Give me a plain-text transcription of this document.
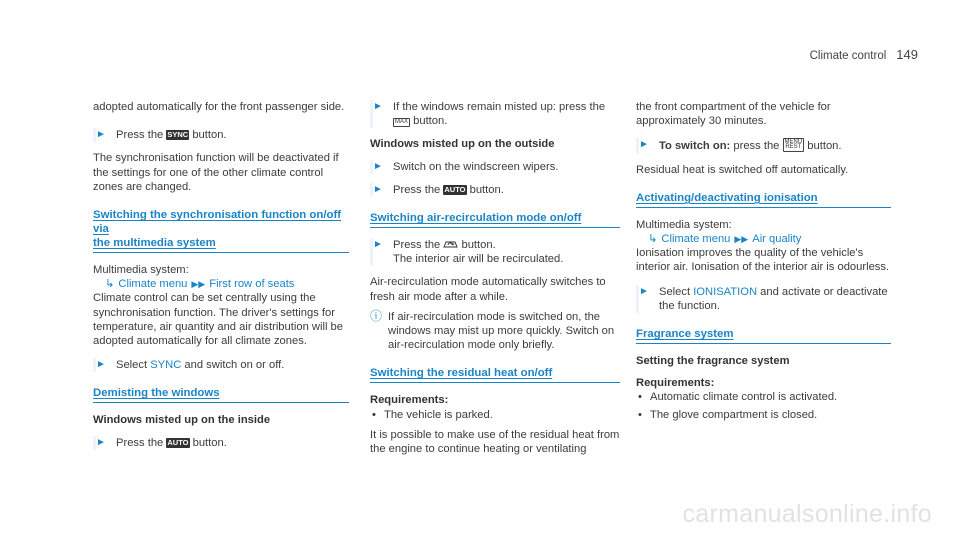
Climate control 149

adopted automatically for the front passenger side.

► Press the SYNC button.

The synchronisation function will be deactivated if the settings for one of the other climate control zones are changed.

Switching the synchronisation function on/off via
the multimedia system

Multimedia system:

↳ Climate menu ▶▶ First row of seats

Climate control can be set centrally using the synchronisation function. The driver's settings for temperature, air quantity and air distribution will be adopted automatically for all climate zones.

► Select SYNC and switch on or off.
Demisting the windows

Windows misted up on the inside

► Press the AUTO button.
► If the windows remain misted up: press the MAX button.

Windows misted up on the outside

► Switch on the windscreen wipers.
► Press the AUTO button.
Switching air-recirculation mode on/off
► Press the  button.
The interior air will be recirculated.

Air-recirculation mode automatically switches to fresh air mode after a while.

ⓘ If air-recirculation mode is switched on, the windows may mist up more quickly. Switch on air-recirculation mode only briefly.
Switching the residual heat on/off

Requirements:

• The vehicle is parked.

It is possible to make use of the residual heat from the engine to continue heating or ventilating

the front compartment of the vehicle for approximately 30 minutes.

► To switch on: press the MENU
REST button.

Residual heat is switched off automatically.

Activating/deactivating ionisation

Multimedia system:

↳ Climate menu ▶▶ Air quality

Ionisation improves the quality of the vehicle's interior air. Ionisation of the interior air is odourless.

► Select IONISATION and activate or deactivate the function.
Fragrance system

Setting the fragrance system

Requirements:

• Automatic climate control is activated.
• The glove compartment is closed.
carmanualsonline.info
